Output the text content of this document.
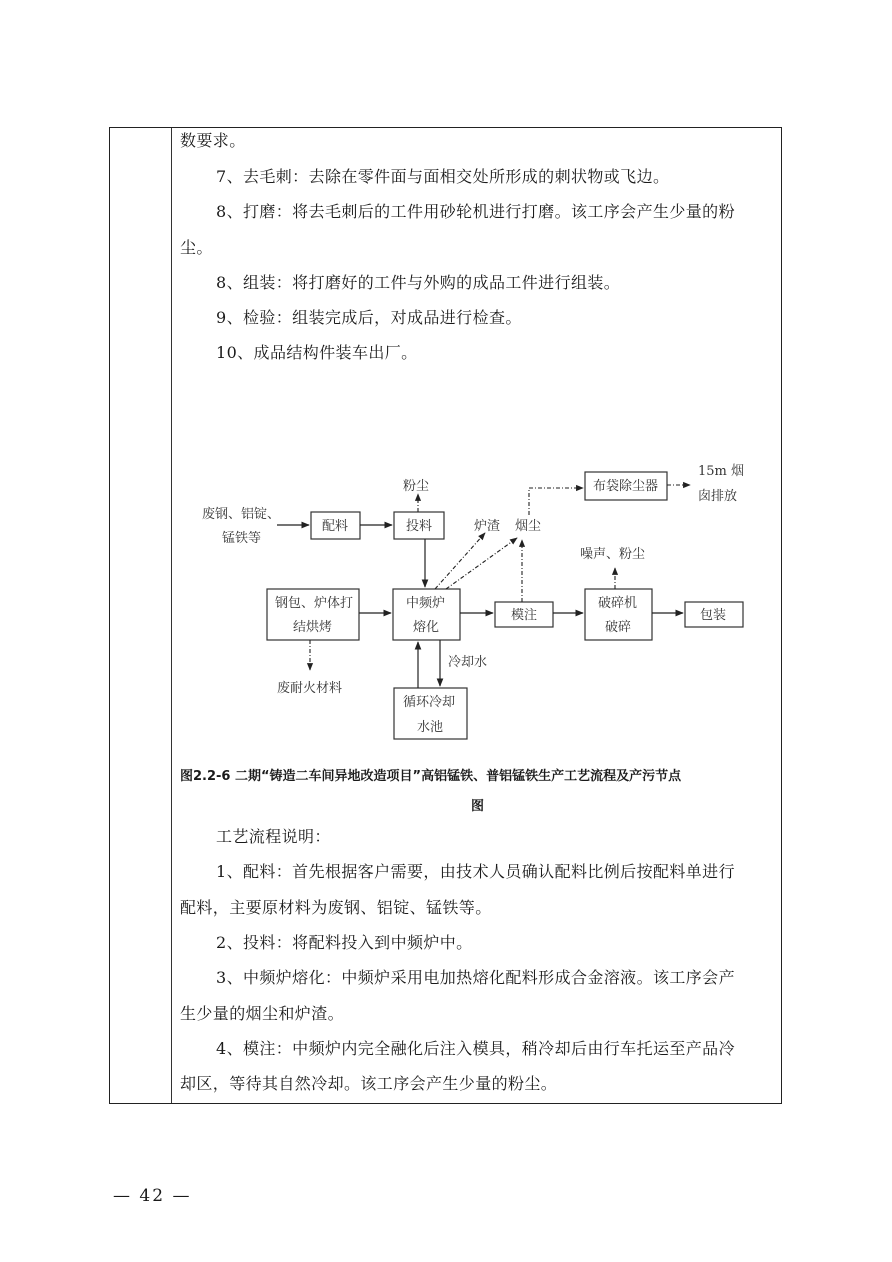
数要求。
7、去毛刺：去除在零件面与面相交处所形成的刺状物或飞边。
8、打磨：将去毛刺后的工件用砂轮机进行打磨。该工序会产生少量的粉
尘。
8、组装：将打磨好的工件与外购的成品工件进行组装。
9、检验：组装完成后，对成品进行检查。
10、成品结构件装车出厂。
图2.2-6 二期“铸造二车间异地改造项目”高铝锰铁、普铝锰铁生产工艺流程及产污节点
图
工艺流程说明：
1、配料：首先根据客户需要，由技术人员确认配料比例后按配料单进行
配料，主要原材料为废钢、铝锭、锰铁等。
2、投料：将配料投入到中频炉中。
3、中频炉熔化：中频炉采用电加热熔化配料形成合金溶液。该工序会产
生少量的烟尘和炉渣。
4、模注：中频炉内完全融化后注入模具，稍冷却后由行车托运至产品冷
却区，等待其自然冷却。该工序会产生少量的粉尘。
废钢、铝锭、
锰铁等
配料	投料
粉尘
炉渣 烟尘
布袋除尘器
15m 烟
囱排放
噪声、粉尘
钢包、炉体打
结烘烤
中频炉
熔化
模注
破碎机
破碎
包装
废耐火材料
冷却水
循环冷却
水池
— 42 —
